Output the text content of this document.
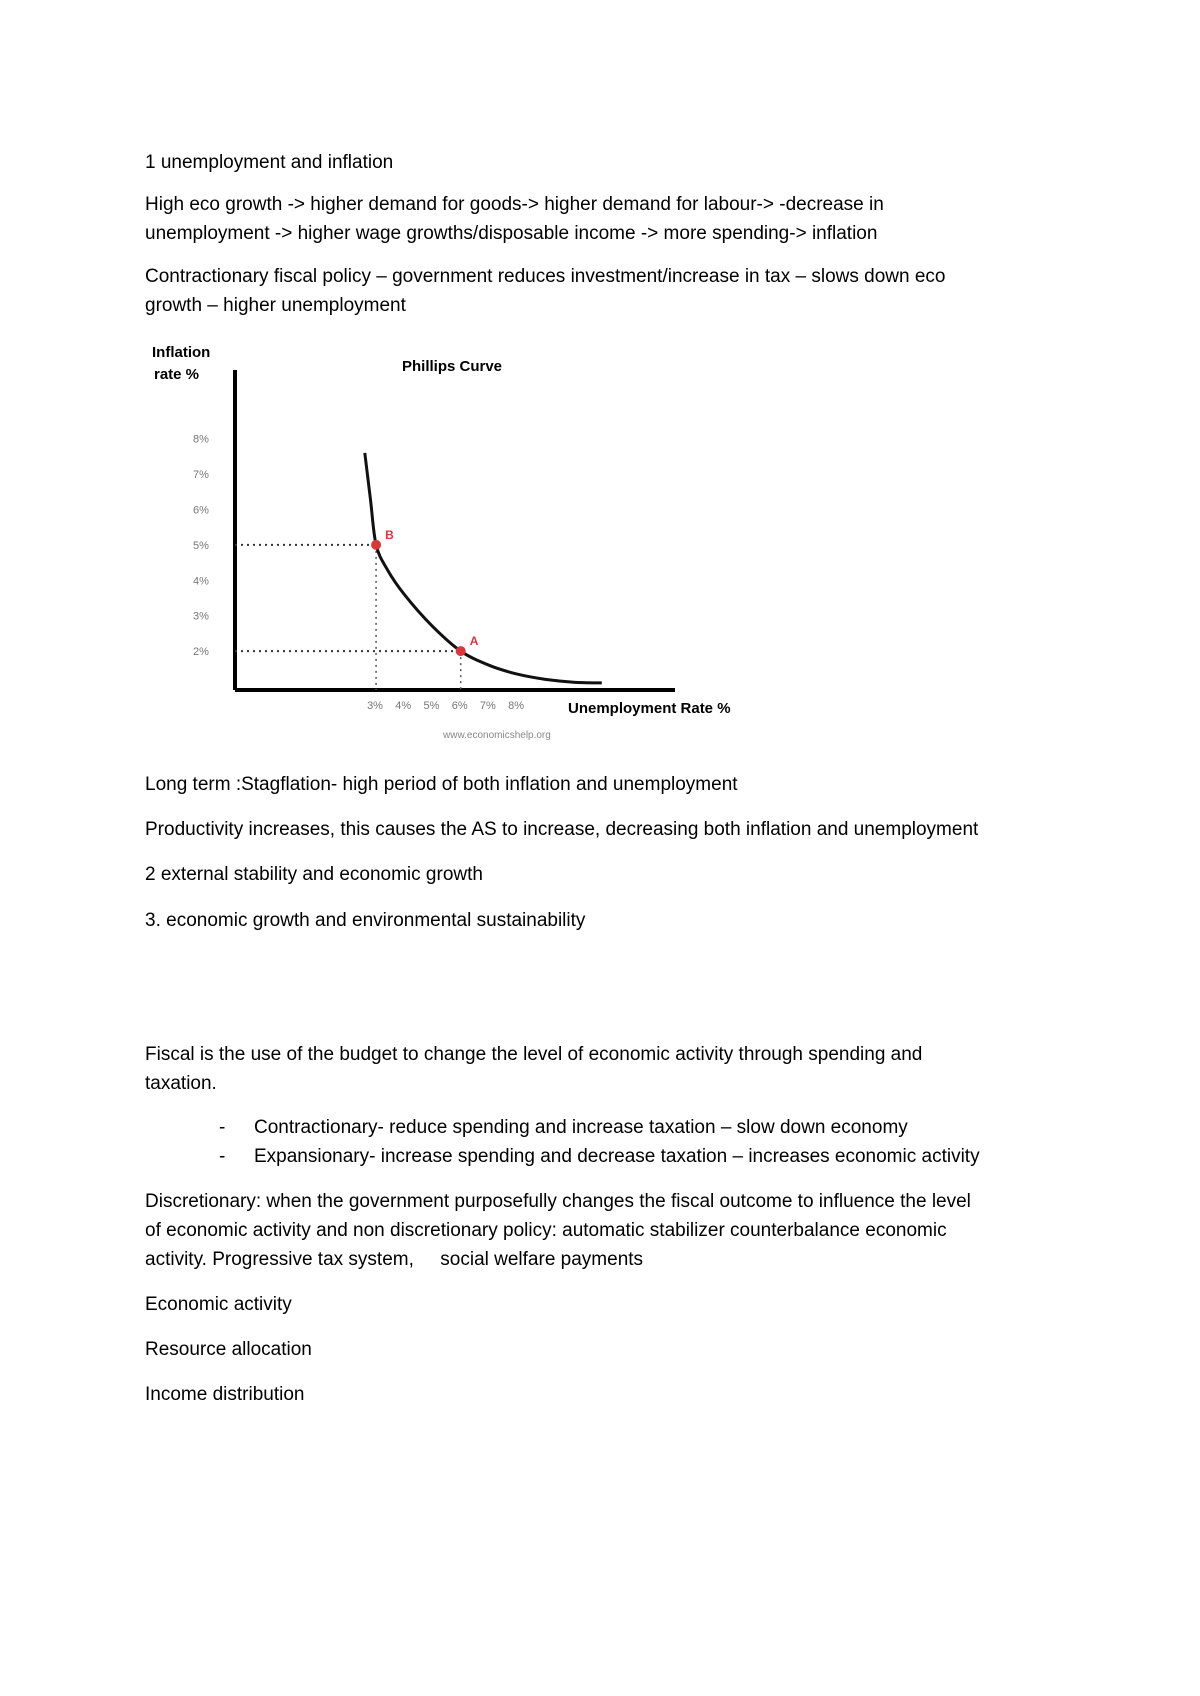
1 unemployment and inflation

High eco growth -> higher demand for goods-> higher demand for labour-> -decrease in
unemployment -> higher wage growths/disposable income -> more spending-> inflation

Contractionary fiscal policy – government reduces investment/increase in tax – slows down eco
growth – higher unemployment

Inflation
rate %	Phillips Curve
Unemployment Rate %
www.economicshelp.org
8%
7%
6%
5%
4%
3%
2%
3% 4% 5% 6% 7% 8%
B
A

Long term :Stagflation- high period of both inflation and unemployment

Productivity increases, this causes the AS to increase, decreasing both inflation and unemployment

2 external stability and economic growth

3. economic growth and environmental sustainability

Fiscal is the use of the budget to change the level of economic activity through spending and
taxation.

- Contractionary- reduce spending and increase taxation – slow down economy
- Expansionary- increase spending and decrease taxation – increases economic activity

Discretionary: when the government purposefully changes the fiscal outcome to influence the level
of economic activity and non discretionary policy: automatic stabilizer counterbalance economic
activity. Progressive tax system,     social welfare payments

Economic activity

Resource allocation

Income distribution
